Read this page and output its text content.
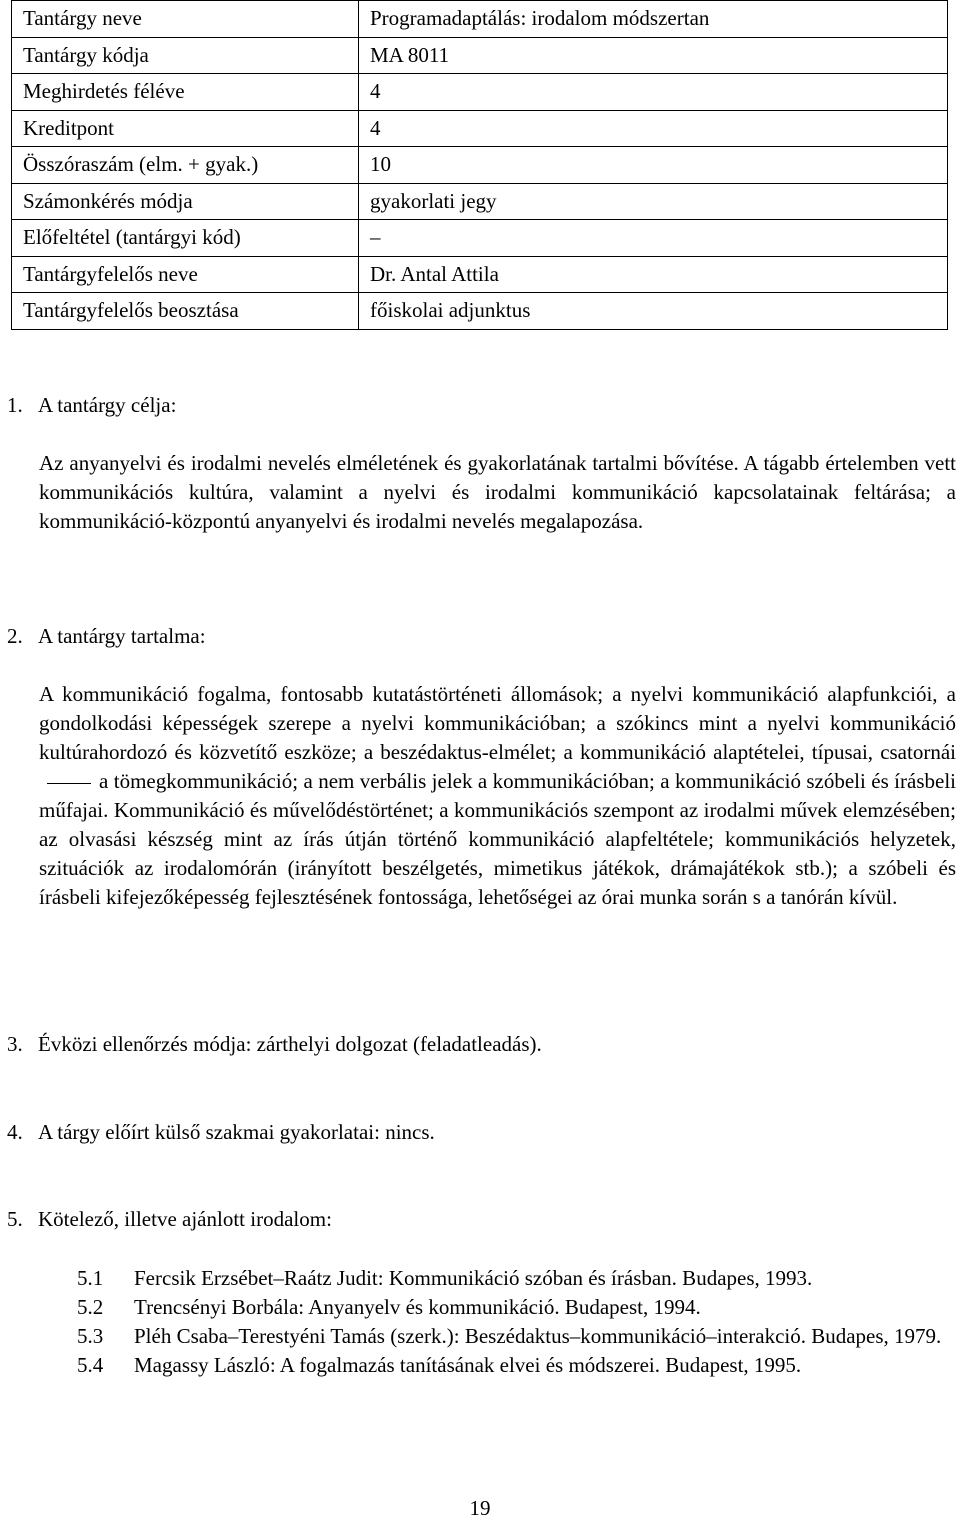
Tantárgy neve	Programadaptálás: irodalom módszertan
Tantárgy kódja	MA 8011
Meghirdetés féléve	4
Kreditpont	4
Összóraszám (elm. + gyak.)	10
Számonkérés módja	gyakorlati jegy
Előfeltétel (tantárgyi kód)	–
Tantárgyfelelős neve	Dr. Antal Attila
Tantárgyfelelős beosztása	főiskolai adjunktus
1. A tantárgy célja:

Az anyanyelvi és irodalmi nevelés elméletének és gyakorlatának tartalmi bővítése. A tágabb értelemben vett kommunikációs kultúra, valamint a nyelvi és irodalmi kommunikáció kapcsolatainak feltárása; a kommunikáció-központú anyanyelvi és irodalmi nevelés megalapozása.

2. A tantárgy tartalma:

A kommunikáció fogalma, fontosabb kutatástörténeti állomások; a nyelvi kommunikáció alapfunkciói, a gondolkodási képességek szerepe a nyelvi kommunikációban; a szókincs mint a nyelvi kommunikáció kultúrahordozó és közvetítő eszköze; a beszédaktus-elmélet; a kommunikáció alaptételei, típusai, csatornáia tömegkommunikáció; a nem verbális jelek a kommunikációban; a kommunikáció szóbeli és írásbeli műfajai. Kommunikáció és művelődéstörténet; a kommunikációs szempont az irodalmi művek elemzésében; az olvasási készség mint az írás útján történő kommunikáció alapfeltétele; kommunikációs helyzetek, szituációk az irodalomórán (irányított beszélgetés, mimetikus játékok, drámajátékok stb.); a szóbeli és írásbeli kifejezőképesség fejlesztésének fontossága, lehetőségei az órai munka során s a tanórán kívül.

3. Évközi ellenőrzés módja: zárthelyi dolgozat (feladatleadás).
4. A tárgy előírt külső szakmai gyakorlatai: nincs.
5. Kötelező, illetve ajánlott irodalom:
5.1	Fercsik Erzsébet–Raátz Judit: Kommunikáció szóban és írásban. Budapes, 1993.
5.2	Trencsényi Borbála: Anyanyelv és kommunikáció. Budapest, 1994.
5.3	Pléh Csaba–Terestyéni Tamás (szerk.): Beszédaktus–kommunikáció–interakció. Budapes, 1979.
5.4	Magassy László: A fogalmazás tanításának elvei és módszerei. Budapest, 1995.
19
